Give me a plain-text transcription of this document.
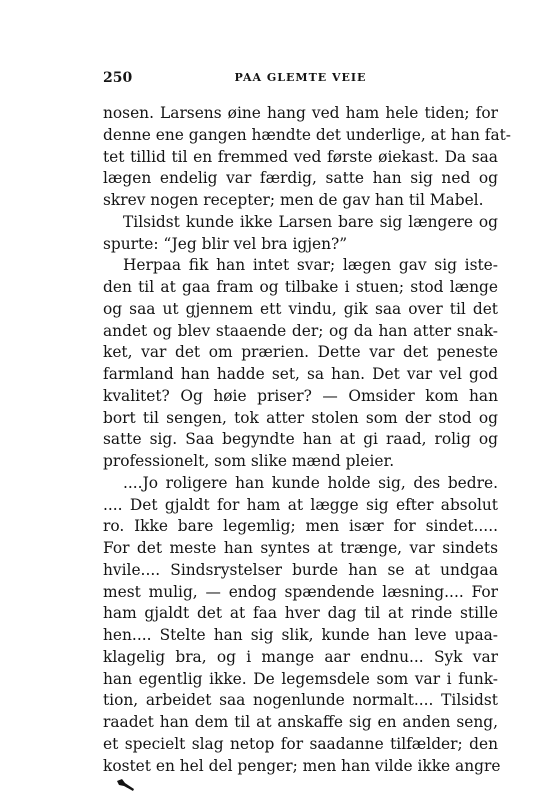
250	PAA GLEMTE VEIE
nosen. Larsens øine hang ved ham hele tiden; for
denne ene gangen hændte det underlige, at han fat-
tet tillid til en fremmed ved første øiekast. Da saa
lægen endelig var færdig, satte han sig ned og
skrev nogen recepter; men de gav han til Mabel.
Tilsidst kunde ikke Larsen bare sig længere og
spurte: “Jeg blir vel bra igjen?”
Herpaa fik han intet svar; lægen gav sig iste-
den til at gaa fram og tilbake i stuen; stod længe
og saa ut gjennem ett vindu, gik saa over til det
andet og blev staaende der; og da han atter snak-
ket, var det om prærien. Dette var det peneste
farmland han hadde set, sa han. Det var vel god
kvalitet? Og høie priser? — Omsider kom han
bort til sengen, tok atter stolen som der stod og
satte sig. Saa begyndte han at gi raad, rolig og
professionelt, som slike mænd pleier.
....Jo roligere han kunde holde sig, des bedre.
.... Det gjaldt for ham at lægge sig efter absolut
ro. Ikke bare legemlig; men især for sindet.....
For det meste han syntes at trænge, var sindets
hvile.... Sindsrystelser burde han se at undgaa
mest mulig, — endog spændende læsning.... For
ham gjaldt det at faa hver dag til at rinde stille
hen.... Stelte han sig slik, kunde han leve upaa-
klagelig bra, og i mange aar endnu... Syk var
han egentlig ikke. De legemsdele som var i funk-
tion, arbeidet saa nogenlunde normalt.... Tilsidst
raadet han dem til at anskaffe sig en anden seng,
et specielt slag netop for saadanne tilfælder; den
kostet en hel del penger; men han vilde ikke angre
